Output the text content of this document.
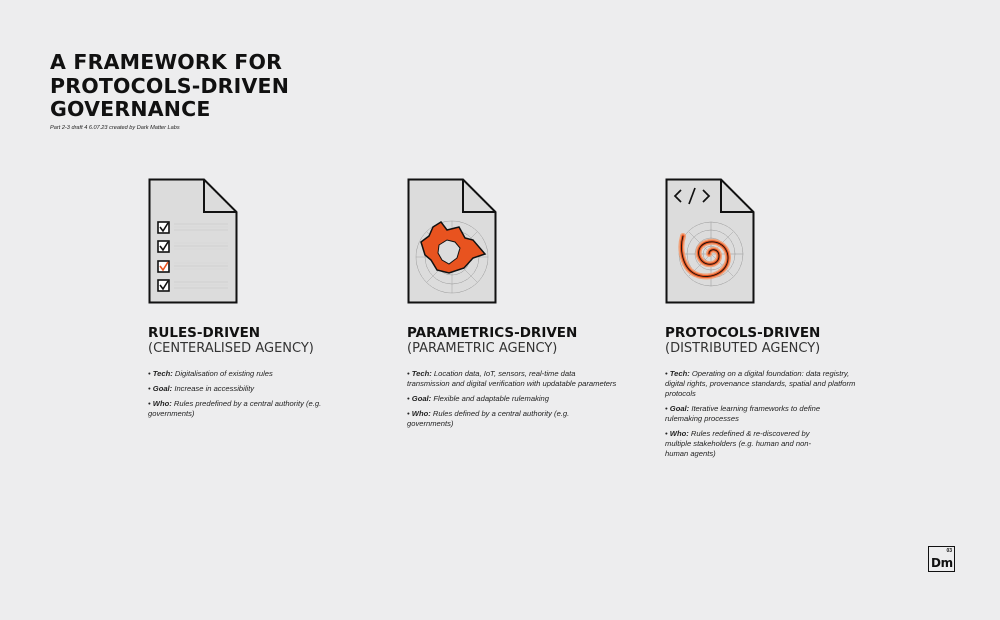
A FRAMEWORK FOR
PROTOCOLS-DRIVEN
GOVERNANCE
Part 2-3 draft 4 6.07.23 created by Dark Matter Labs
RULES-DRIVEN
(CENTERALISED AGENCY)
• Tech: Digitalisation of existing rules
• Goal: Increase in accessibility
• Who: Rules predefined by a central authority (e.g. governments)
PARAMETRICS-DRIVEN
(PARAMETRIC AGENCY)
• Tech: Location data, IoT, sensors, real-time data transmission and digital verification with updatable parameters
• Goal: Flexible and adaptable rulemaking
• Who: Rules defined by a central authority (e.g. governments)
PROTOCOLS-DRIVEN
(DISTRIBUTED AGENCY)
• Tech: Operating on a digital foundation: data registry, digital rights, provenance standards, spatial and platform protocols
• Goal: Iterative learning frameworks to define rulemaking processes
• Who: Rules redefined & re-discovered by multiple stakeholders (e.g. human and non-human agents)
03
Dm
